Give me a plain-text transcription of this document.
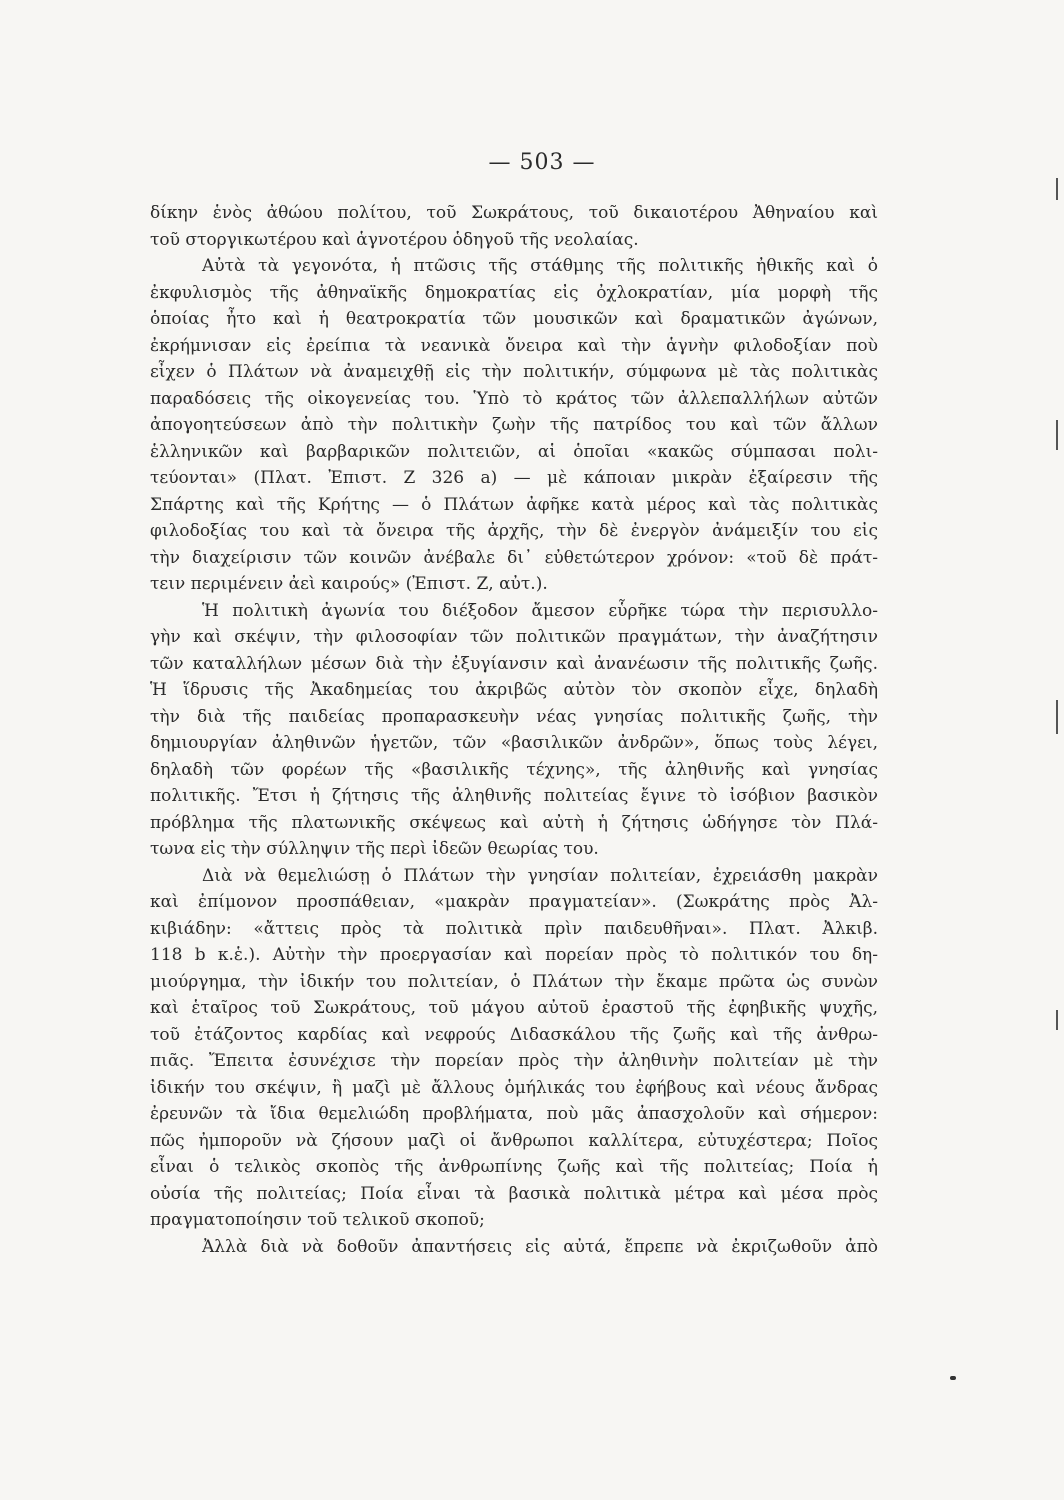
— 503 —
δίκην ἑνὸς ἀθώου πολίτου, τοῦ Σωκράτους, τοῦ δικαιοτέρου Ἀθηναίου καὶ
τοῦ στοργικωτέρου καὶ ἁγνοτέρου ὁδηγοῦ τῆς νεολαίας.
Αὐτὰ τὰ γεγονότα, ἡ πτῶσις τῆς στάθμης τῆς πολιτικῆς ἠθικῆς καὶ ὁ
ἐκφυλισμὸς τῆς ἀθηναϊκῆς δημοκρατίας εἰς ὀχλοκρατίαν, μία μορφὴ τῆς
ὁποίας ἦτο καὶ ἡ θεατροκρατία τῶν μουσικῶν καὶ δραματικῶν ἀγώνων,
ἐκρήμνισαν εἰς ἐρείπια τὰ νεανικὰ ὄνειρα καὶ τὴν ἁγνὴν φιλοδοξίαν ποὺ
εἶχεν ὁ Πλάτων νὰ ἀναμειχθῇ εἰς τὴν πολιτικήν, σύμφωνα μὲ τὰς πολιτικὰς
παραδόσεις τῆς οἰκογενείας του. Ὑπὸ τὸ κράτος τῶν ἀλλεπαλλήλων αὐτῶν
ἀπογοητεύσεων ἀπὸ τὴν πολιτικὴν ζωὴν τῆς πατρίδος του καὶ τῶν ἄλλων
ἑλληνικῶν καὶ βαρβαρικῶν πολιτειῶν, αἱ ὁποῖαι «κακῶς σύμπασαι πολι-
τεύονται» (Πλατ. Ἐπιστ. Ζ 326 a) — μὲ κάποιαν μικρὰν ἐξαίρεσιν τῆς
Σπάρτης καὶ τῆς Κρήτης — ὁ Πλάτων ἀφῆκε κατὰ μέρος καὶ τὰς πολιτικὰς
φιλοδοξίας του καὶ τὰ ὄνειρα τῆς ἀρχῆς, τὴν δὲ ἐνεργὸν ἀνάμειξίν του εἰς
τὴν διαχείρισιν τῶν κοινῶν ἀνέβαλε δι᾽ εὐθετώτερον χρόνον: «τοῦ δὲ πράτ-
τειν περιμένειν ἀεὶ καιρούς» (Ἐπιστ. Ζ, αὐτ.).
Ἡ πολιτικὴ ἀγωνία του διέξοδον ἄμεσον εὗρῆκε τώρα τὴν περισυλλο-
γὴν καὶ σκέψιν, τὴν φιλοσοφίαν τῶν πολιτικῶν πραγμάτων, τὴν ἀναζήτησιν
τῶν καταλλήλων μέσων διὰ τὴν ἐξυγίανσιν καὶ ἀνανέωσιν τῆς πολιτικῆς ζωῆς.
Ἡ ἵδρυσις τῆς Ἀκαδημείας του ἀκριβῶς αὐτὸν τὸν σκοπὸν εἶχε, δηλαδὴ
τὴν διὰ τῆς παιδείας προπαρασκευὴν νέας γνησίας πολιτικῆς ζωῆς, τὴν
δημιουργίαν ἀληθινῶν ἡγετῶν, τῶν «βασιλικῶν ἀνδρῶν», ὅπως τοὺς λέγει,
δηλαδὴ τῶν φορέων τῆς «βασιλικῆς τέχνης», τῆς ἀληθινῆς καὶ γνησίας
πολιτικῆς. Ἔτσι ἡ ζήτησις τῆς ἀληθινῆς πολιτείας ἔγινε τὸ ἰσόβιον βασικὸν
πρόβλημα τῆς πλατωνικῆς σκέψεως καὶ αὐτὴ ἡ ζήτησις ὡδήγησε τὸν Πλά-
τωνα εἰς τὴν σύλληψιν τῆς περὶ ἰδεῶν θεωρίας του.
Διὰ νὰ θεμελιώσῃ ὁ Πλάτων τὴν γνησίαν πολιτείαν, ἐχρειάσθη μακρὰν
καὶ ἐπίμονον προσπάθειαν, «μακρὰν πραγματείαν». (Σωκράτης πρὸς Ἀλ-
κιβιάδην: «ἄττεις πρὸς τὰ πολιτικὰ πρὶν παιδευθῆναι». Πλατ. Ἀλκιβ.
118 b κ.ἑ.). Αὐτὴν τὴν προεργασίαν καὶ πορείαν πρὸς τὸ πολιτικόν του δη-
μιούργημα, τὴν ἰδικήν του πολιτείαν, ὁ Πλάτων τὴν ἔκαμε πρῶτα ὡς συνὼν
καὶ ἑταῖρος τοῦ Σωκράτους, τοῦ μάγου αὐτοῦ ἐραστοῦ τῆς ἐφηβικῆς ψυχῆς,
τοῦ ἐτάζοντος καρδίας καὶ νεφρούς Διδασκάλου τῆς ζωῆς καὶ τῆς ἀνθρω-
πιᾶς. Ἔπειτα ἐσυνέχισε τὴν πορείαν πρὸς τὴν ἀληθινὴν πολιτείαν μὲ τὴν
ἰδικήν του σκέψιν, ἢ μαζὶ μὲ ἄλλους ὁμήλικάς του ἐφήβους καὶ νέους ἄνδρας
ἐρευνῶν τὰ ἴδια θεμελιώδη προβλήματα, ποὺ μᾶς ἀπασχολοῦν καὶ σήμερον:
πῶς ἠμποροῦν νὰ ζήσουν μαζὶ οἱ ἄνθρωποι καλλίτερα, εὐτυχέστερα; Ποῖος
εἶναι ὁ τελικὸς σκοπὸς τῆς ἀνθρωπίνης ζωῆς καὶ τῆς πολιτείας; Ποία ἡ
οὐσία τῆς πολιτείας; Ποία εἶναι τὰ βασικὰ πολιτικὰ μέτρα καὶ μέσα πρὸς
πραγματοποίησιν τοῦ τελικοῦ σκοποῦ;
Ἀλλὰ διὰ νὰ δοθοῦν ἀπαντήσεις εἰς αὐτά, ἔπρεπε νὰ ἐκριζωθοῦν ἀπὸ
